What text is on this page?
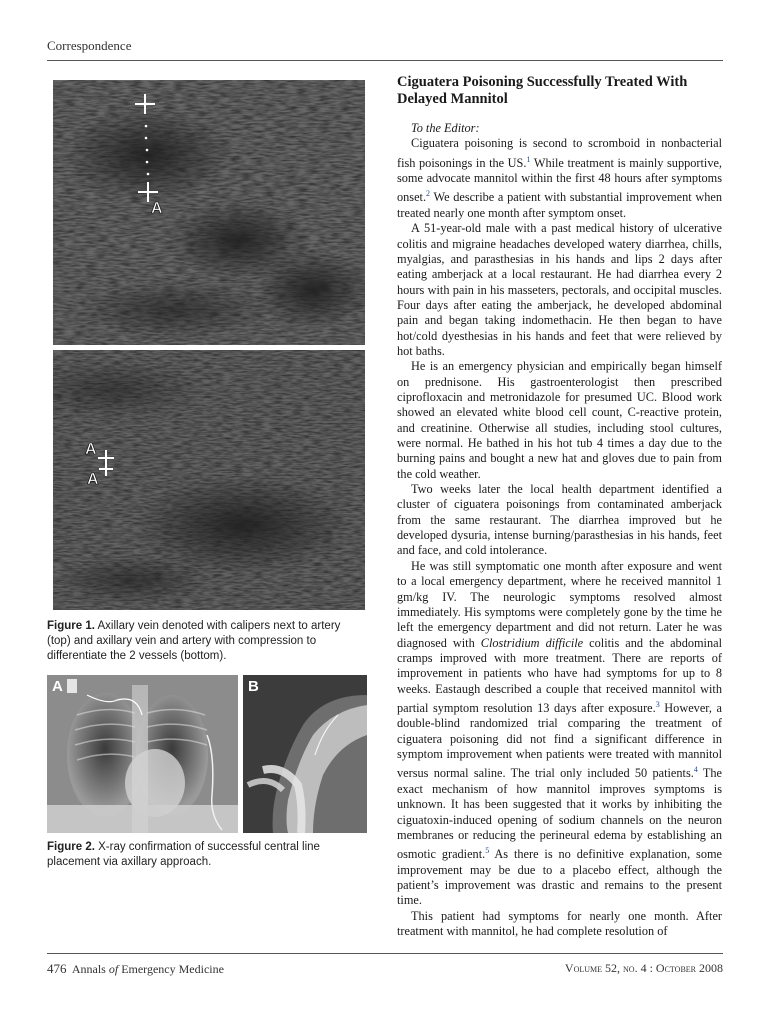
Correspondence
A
A
A
Figure 1. Axillary vein denoted with calipers next to artery (top) and axillary vein and artery with compression to differentiate the 2 vessels (bottom).
A	B
Figure 2. X-ray confirmation of successful central line placement via axillary approach.
Ciguatera Poisoning Successfully Treated With Delayed Mannitol

To the Editor:

Ciguatera poisoning is second to scromboid in nonbacterial fish poisonings in the US.$^1$ While treatment is mainly supportive, some advocate mannitol within the first 48 hours after symptoms onset.$^2$ We describe a patient with substantial improvement when treated nearly one month after symptom onset.

A 51-year-old male with a past medical history of ulcerative colitis and migraine headaches developed watery diarrhea, chills, myalgias, and parasthesias in his hands and lips 2 days after eating amberjack at a local restaurant. He had diarrhea every 2 hours with pain in his masseters, pectorals, and occipital muscles. Four days after eating the amberjack, he developed abdominal pain and began taking indomethacin. He then began to have hot/cold dyesthesias in his hands and feet that were relieved by hot baths.

He is an emergency physician and empirically began himself on prednisone. His gastroenterologist then prescribed ciprofloxacin and metronidazole for presumed UC. Blood work showed an elevated white blood cell count, C-reactive protein, and creatinine. Otherwise all studies, including stool cultures, were normal. He bathed in his hot tub 4 times a day due to the burning pains and bought a new hat and gloves due to pain from the cold weather.

Two weeks later the local health department identified a cluster of ciguatera poisonings from contaminated amberjack from the same restaurant. The diarrhea improved but he developed dysuria, intense burning/parasthesias in his hands, feet and face, and cold intolerance.

He was still symptomatic one month after exposure and went to a local emergency department, where he received mannitol 1 gm/kg IV. The neurologic symptoms resolved almost immediately. His symptoms were completely gone by the time he left the emergency department and did not return. Later he was diagnosed with Clostridium difficile colitis and the abdominal cramps improved with more treatment. There are reports of improvement in patients who have had symptoms for up to 8 weeks. Eastaugh described a couple that received mannitol with partial symptom resolution 13 days after exposure.$^3$ However, a double-blind randomized trial comparing the treatment of ciguatera poisoning did not find a significant difference in symptom improvement when patients were treated with mannitol versus normal saline. The trial only included 50 patients.$^4$ The exact mechanism of how mannitol improves symptoms is unknown. It has been suggested that it works by inhibiting the ciguatoxin-induced opening of sodium channels on the neuron membranes or reducing the perineural edema by establishing an osmotic gradient.$^5$ As there is no definitive explanation, some improvement may be due to a placebo effect, although the patient’s improvement was drastic and remains to the present time.

This patient had symptoms for nearly one month. After treatment with mannitol, he had complete resolution of

476 Annals of Emergency Medicine	Volume 52, no. 4 : October 2008
